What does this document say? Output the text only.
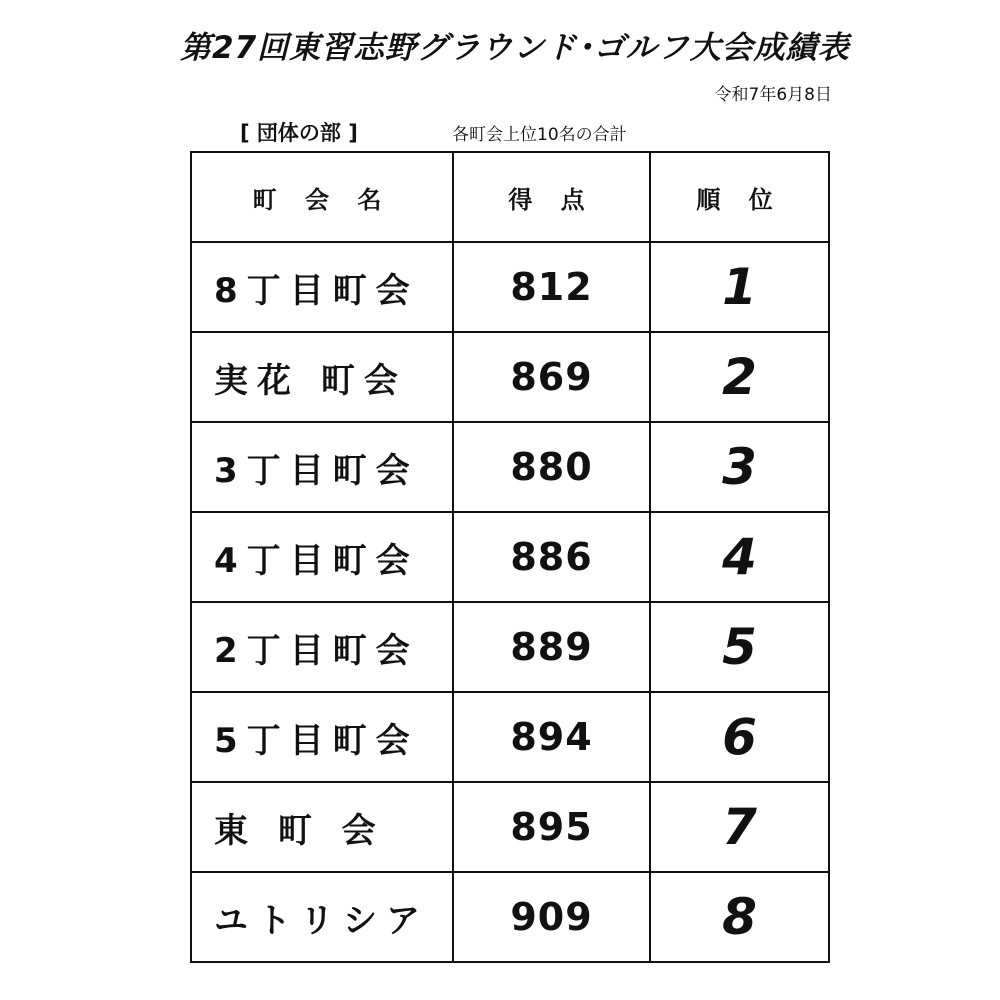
第27回東習志野グラウンド･ゴルフ大会成績表
令和7年6月8日
[ 団体の部 ]	各町会上位10名の合計
町 会 名	得 点	順 位
8丁目町会	812	1
実花 町会	869	2
3丁目町会	880	3
4丁目町会	886	4
2丁目町会	889	5
5丁目町会	894	6
東 町 会	895	7
ユトリシア	909	8
